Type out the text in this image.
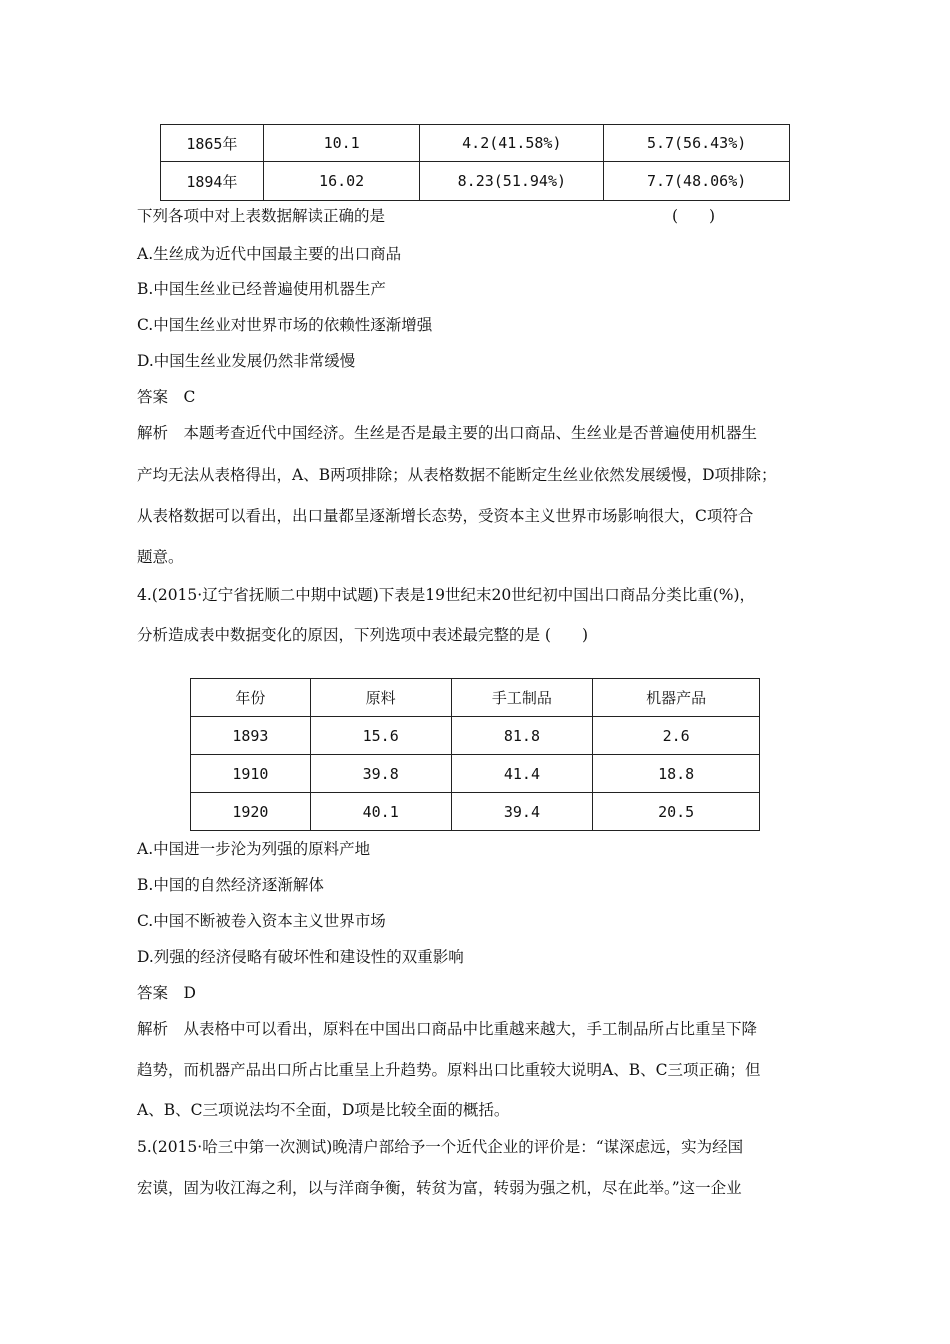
1865年	10.1	4.2(41.58%)	5.7(56.43%)
1894年	16.02	8.23(51.94%)	7.7(48.06%)
下列各项中对上表数据解读正确的是	(　　)
A.生丝成为近代中国最主要的出口商品
B.中国生丝业已经普遍使用机器生产
C.中国生丝业对世界市场的依赖性逐渐增强
D.中国生丝业发展仍然非常缓慢
答案　C
解析　本题考查近代中国经济。生丝是否是最主要的出口商品、生丝业是否普遍使用机器生
产均无法从表格得出，A、B两项排除；从表格数据不能断定生丝业依然发展缓慢，D项排除；
从表格数据可以看出，出口量都呈逐渐增长态势，受资本主义世界市场影响很大，C项符合
题意。
4.(2015·辽宁省抚顺二中期中试题)下表是19世纪末20世纪初中国出口商品分类比重(%)，
分析造成表中数据变化的原因，下列选项中表述最完整的是 (　　)
年份	原料	手工制品	机器产品
1893	15.6	81.8	2.6
1910	39.8	41.4	18.8
1920	40.1	39.4	20.5
A.中国进一步沦为列强的原料产地
B.中国的自然经济逐渐解体
C.中国不断被卷入资本主义世界市场
D.列强的经济侵略有破坏性和建设性的双重影响
答案　D
解析　从表格中可以看出，原料在中国出口商品中比重越来越大，手工制品所占比重呈下降
趋势，而机器产品出口所占比重呈上升趋势。原料出口比重较大说明A、B、C三项正确；但
A、B、C三项说法均不全面，D项是比较全面的概括。
5.(2015·哈三中第一次测试)晚清户部给予一个近代企业的评价是：“谋深虑远，实为经国
宏谟，固为收江海之利，以与洋商争衡，转贫为富，转弱为强之机，尽在此举。”这一企业
